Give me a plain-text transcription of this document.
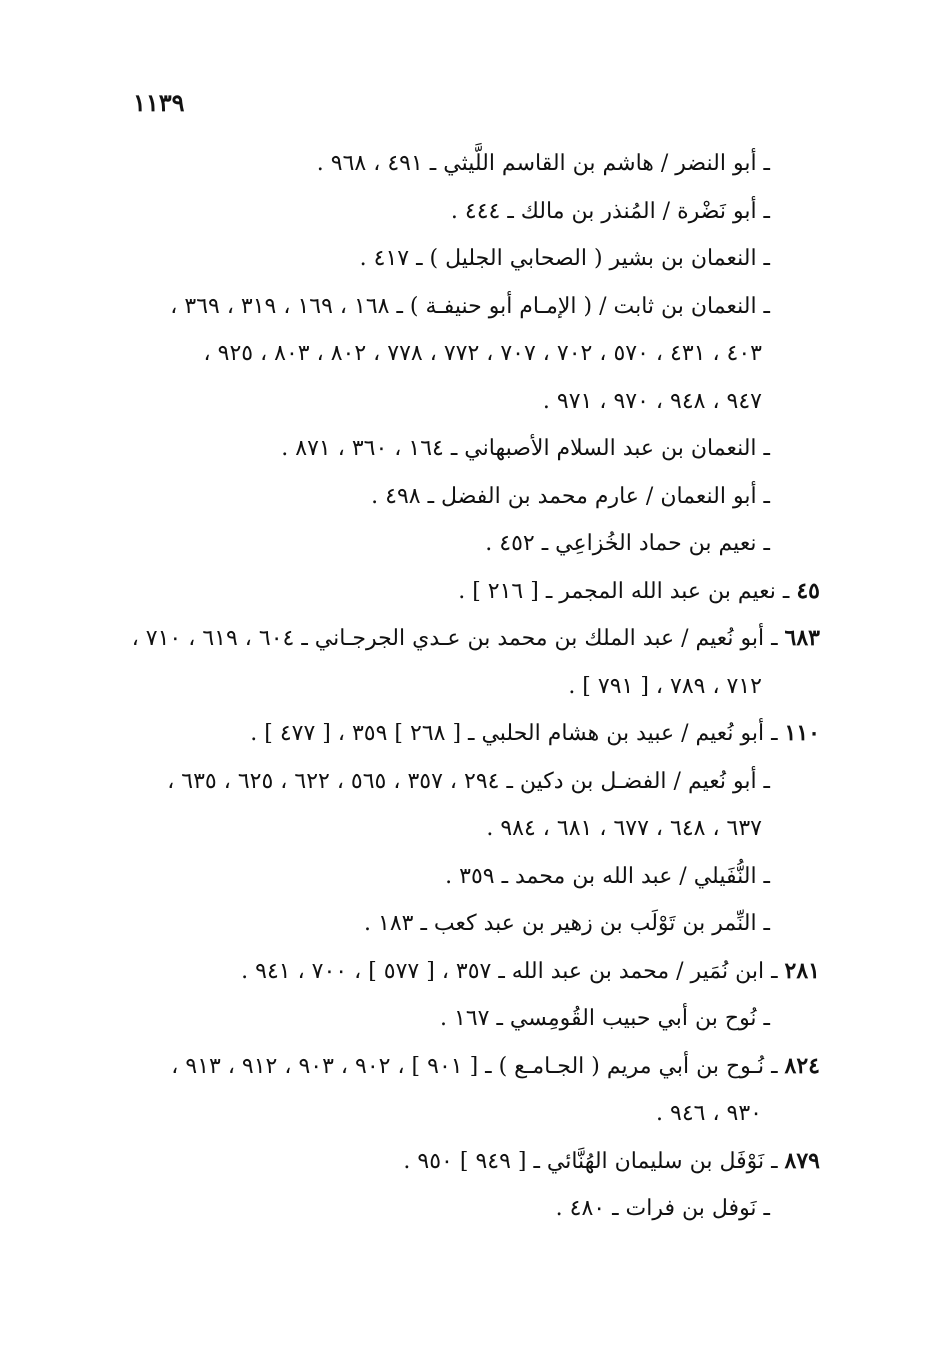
١١٣٩
ـ أبو النضر / هاشم بن القاسم اللَّيثي ـ ٤٩١ ، ٩٦٨ .
ـ أبو نَضْرة / المُنذر بن مالك ـ ٤٤٤ .
ـ النعمان بن بشير ( الصحابي الجليل ) ـ ٤١٧ .
ـ النعمان بن ثابت / ( الإمـام أبو حنيفـة ) ـ ١٦٨ ، ١٦٩ ، ٣١٩ ، ٣٦٩ ،
٤٠٣ ، ٤٣١ ، ٥٧٠ ، ٧٠٢ ، ٧٠٧ ، ٧٧٢ ، ٧٧٨ ، ٨٠٢ ، ٨٠٣ ، ٩٢٥ ،
٩٤٧ ، ٩٤٨ ، ٩٧٠ ، ٩٧١ .
ـ النعمان بن عبد السلام الأصبهاني ـ ١٦٤ ، ٣٦٠ ، ٨٧١ .
ـ أبو النعمان / عارم محمد بن الفضل ـ ٤٩٨ .
ـ نعيم بن حماد الخُزاعِي ـ ٤٥٢ .
٤٥ ـ نعيم بن عبد الله المجمر ـ [ ٢١٦ ] .
٦٨٣ ـ أبو نُعيم / عبد الملك بن محمد بن عـدي الجرجـاني ـ ٦٠٤ ، ٦١٩ ، ٧١٠ ،
٧١٢ ، ٧٨٩ ، [ ٧٩١ ] .
١١٠ ـ أبو نُعيم / عبيد بن هشام الحلبي ـ [ ٢٦٨ ] ٣٥٩ ، [ ٤٧٧ ] .
ـ أبو نُعيم / الفضـل بن دكين ـ ٢٩٤ ، ٣٥٧ ، ٥٦٥ ، ٦٢٢ ، ٦٢٥ ، ٦٣٥ ،
٦٣٧ ، ٦٤٨ ، ٦٧٧ ، ٦٨١ ، ٩٨٤ .
ـ النُّفَيلي / عبد الله بن محمد ـ ٣٥٩ .
ـ النِّمر بن تَوْلَب بن زهير بن عبد كعب ـ ١٨٣ .
٢٨١ ـ ابن نُمَير / محمد بن عبد الله ـ ٣٥٧ ، [ ٥٧٧ ] ، ٧٠٠ ، ٩٤١ .
ـ نُوح بن أبي حبيب القُومِسي ـ ١٦٧ .
٨٢٤ ـ نُـوح بن أبي مريم ( الجـامـع ) ـ [ ٩٠١ ] ، ٩٠٢ ، ٩٠٣ ، ٩١٢ ، ٩١٣ ،
٩٣٠ ، ٩٤٦ .
٨٧٩ ـ نَوْفَل بن سليمان الهُنَّائي ـ [ ٩٤٩ ] ٩٥٠ .
ـ نَوفل بن فرات ـ ٤٨٠ .
